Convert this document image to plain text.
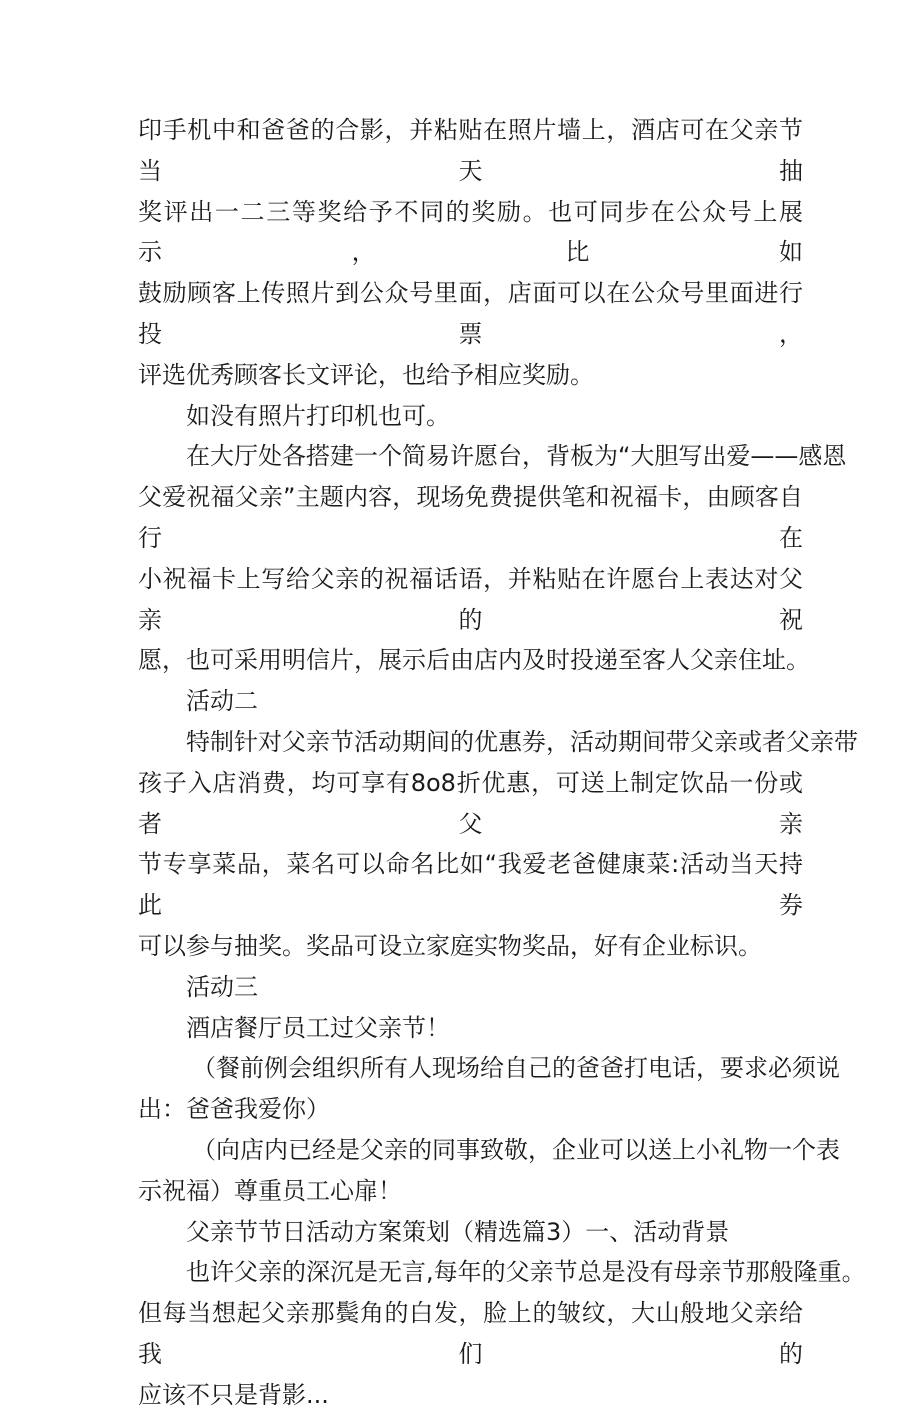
印手机中和爸爸的合影，并粘贴在照片墙上，酒店可在父亲节当天抽
奖评出一二三等奖给予不同的奖励。也可同步在公众号上展示，比如
鼓励顾客上传照片到公众号里面，店面可以在公众号里面进行投票，
评选优秀顾客长文评论，也给予相应奖励。

如没有照片打印机也可。

在大厅处各搭建一个简易许愿台，背板为“大胆写出爱——感恩
父爱祝福父亲”主题内容，现场免费提供笔和祝福卡，由顾客自行在
小祝福卡上写给父亲的祝福话语，并粘贴在许愿台上表达对父亲的祝
愿，也可采用明信片，展示后由店内及时投递至客人父亲住址。

活动二

特制针对父亲节活动期间的优惠券，活动期间带父亲或者父亲带
孩子入店消费，均可享有8o8折优惠，可送上制定饮品一份或者父亲
节专享菜品，菜名可以命名比如“我爱老爸健康菜:活动当天持此券
可以参与抽奖。奖品可设立家庭实物奖品，好有企业标识。

活动三

酒店餐厅员工过父亲节！

（餐前例会组织所有人现场给自己的爸爸打电话，要求必须说
出：爸爸我爱你）

（向店内已经是父亲的同事致敬，企业可以送上小礼物一个表
示祝福）尊重员工心扉！

父亲节节日活动方案策划（精选篇3）一、活动背景

也许父亲的深沉是无言,每年的父亲节总是没有母亲节那般隆重。
但每当想起父亲那鬓角的白发，脸上的皱纹，大山般地父亲给我们的
应该不只是背影...
